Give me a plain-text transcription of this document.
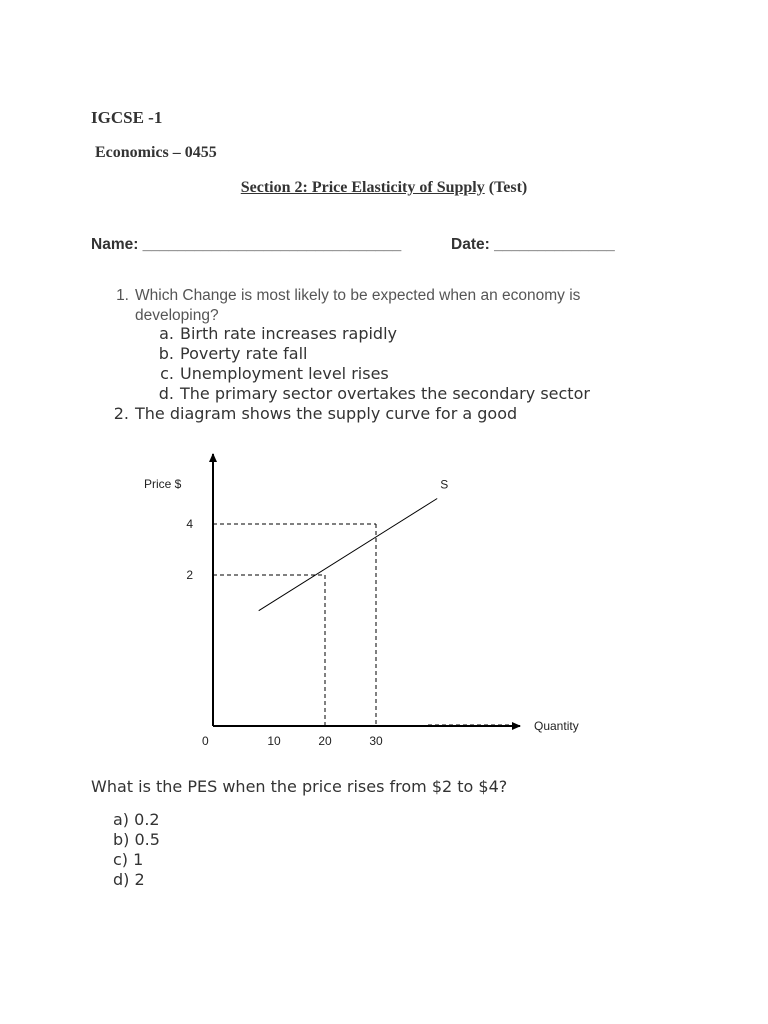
IGCSE -1
Economics – 0455
Section 2: Price Elasticity of Supply (Test)
Name: ______________________________	Date: ______________
1. Which Change is most likely to be expected when an economy is
developing?
a. Birth rate increases rapidly
b. Poverty rate fall
c. Unemployment level rises
d. The primary sector overtakes the secondary sector
2. The diagram shows the supply curve for a good
S
10	20	30
2
4
Price $
Quantity
0
What is the PES when the price rises from $2 to $4?
a) 0.2
b) 0.5
c) 1
d) 2
